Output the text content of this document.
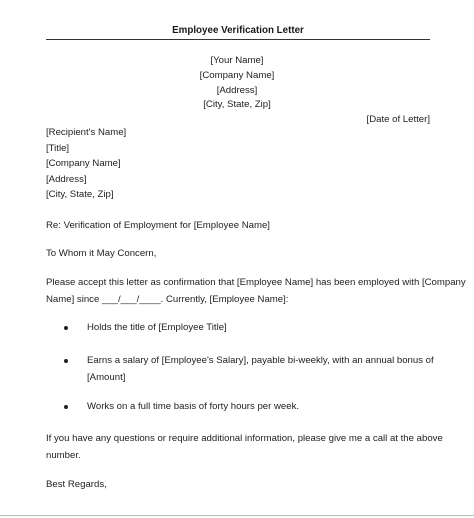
Employee Verification Letter
[Your Name]
[Company Name]
[Address]
[City, State, Zip]
[Date of Letter]
[Recipient's Name]
[Title]
[Company Name]
[Address]
[City, State, Zip]
Re: Verification of Employment for [Employee Name]
To Whom it May Concern,
Please accept this letter as confirmation that [Employee Name] has been employed with [Company
Name] since ___/___/____. Currently, [Employee Name]:
Holds the title of [Employee Title]
Earns a salary of [Employee's Salary], payable bi-weekly, with an annual bonus of
[Amount]
Works on a full time basis of forty hours per week.
If you have any questions or require additional information, please give me a call at the above
number.
Best Regards,
